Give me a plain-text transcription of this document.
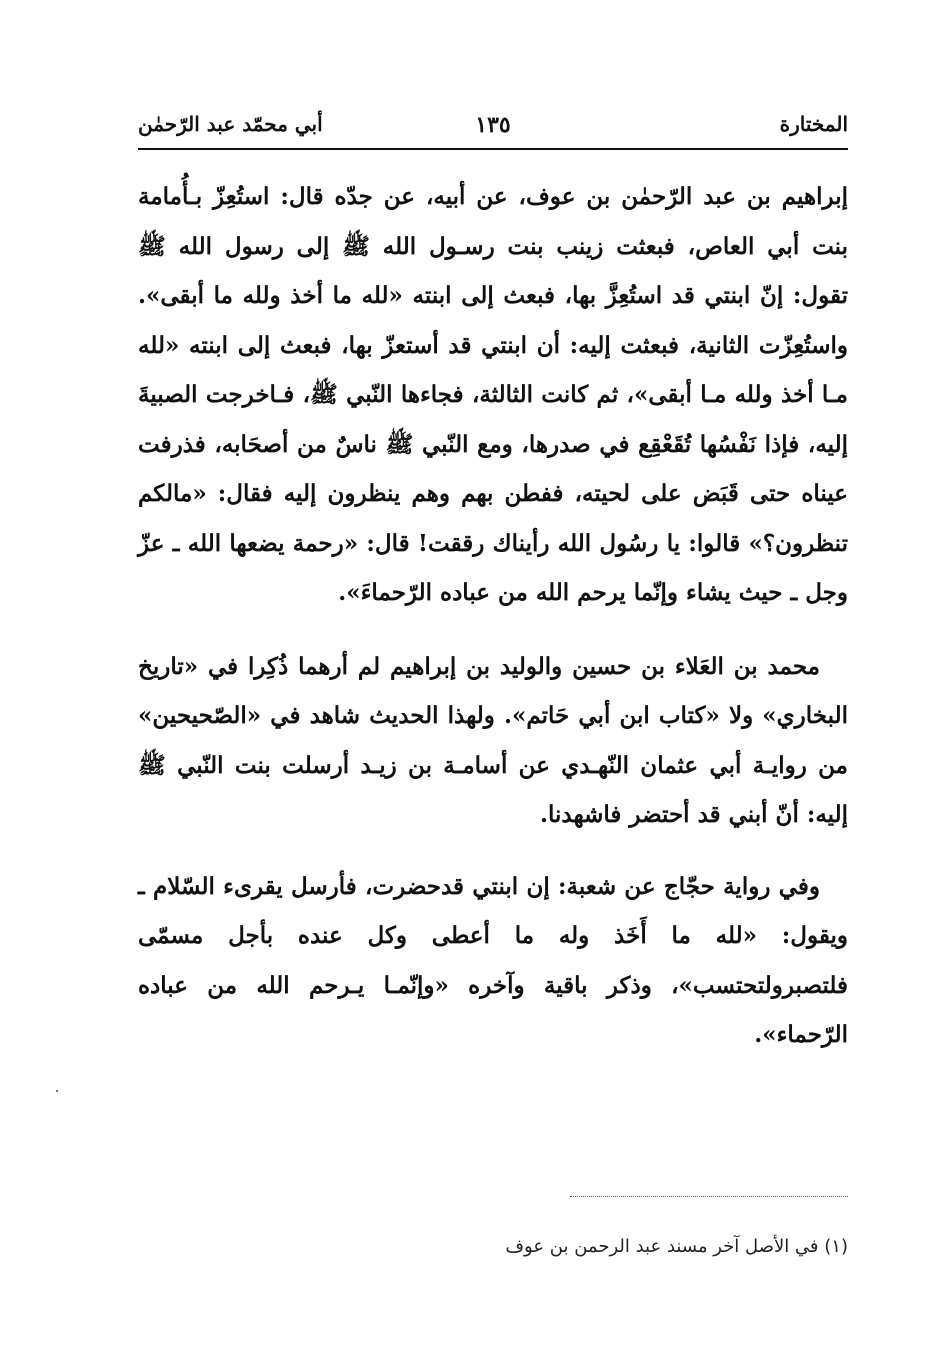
المختارة
١٣٥
أبي محمّد عبد الرّحمٰن

إبراهيم بن عبد الرّحمٰن بن عوف، عن أبيه، عن جدّه قال: استُعِزّ بـأُمامة بنت أبي العاص، فبعثت زينب بنت رسـول الله ﷺ إلى رسول الله ﷺ تقول: إنّ ابنتي قد استُعِزَّ بها، فبعث إلى ابنته «لله ما أخذ ولله ما أبقى». واستُعِزّت الثانية، فبعثت إليه: أن ابنتي قد أستعزّ بها، فبعث إلى ابنته «لله مـا أخذ ولله مـا أبقى»، ثم كانت الثالثة، فجاءها النّبي ﷺ، فـاخرجت الصبيةَ إليه، فإذا نَفْسُها تُقَعْقِع في صدرها، ومع النّبي ﷺ ناسٌ من أصحَابه، فذرفت عيناه حتى قَبَض على لحيته، ففطن بهم وهم ينظرون إليه فقال: «مالكم تنظرون؟» قالوا: يا رسُول الله رأيناك رققت! قال: «رحمة يضعها الله ـ عزّ وجل ـ حيث يشاء وإنّما يرحم الله من عباده الرّحماءَ».

محمد بن العَلاء بن حسين والوليد بن إبراهيم لم أرهما ذُكِرا في «تاريخ البخاري» ولا «كتاب ابن أبي حَاتم». ولهذا الحديث شاهد في «الصّحيحين» من روايـة أبي عثمان النّهـدي عن أسامـة بن زيـد أرسلت بنت النّبي ﷺ إليه: أنّ أبني قد أحتضر فاشهدنا.

وفي رواية حجّاج عن شعبة: إن ابنتي قدحضرت، فأرسل يقرىء السّلام ـ ويقول: «لله ما أَخَذ وله ما أعطى وكل عنده بأجل مسمّى فلتصبرولتحتسب»، وذكر باقية وآخره «وإنّمـا يـرحم الله من عباده الرّحماء».

(١) في الأصل آخر مسند عبد الرحمن بن عوف
